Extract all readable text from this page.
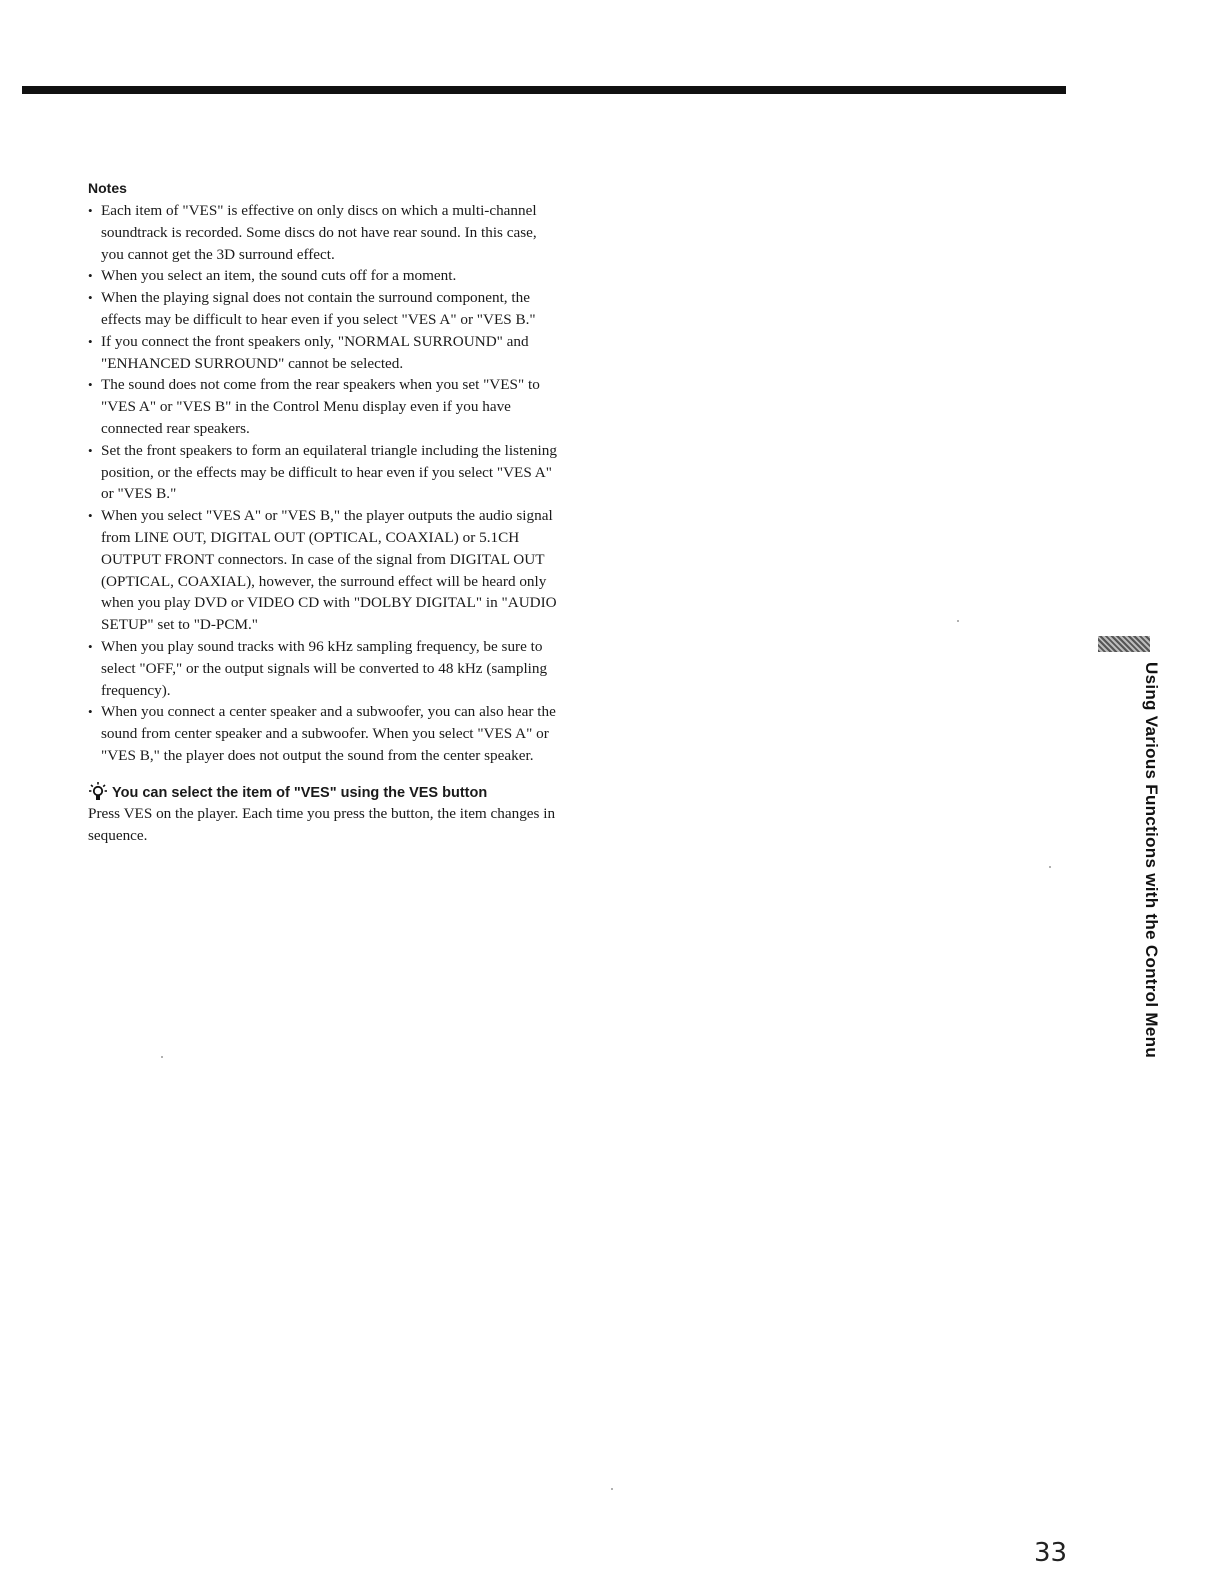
Notes
• Each item of "VES" is effective on only discs on which a multi-channel soundtrack is recorded. Some discs do not have rear sound. In this case, you cannot get the 3D surround effect.
• When you select an item, the sound cuts off for a moment.
• When the playing signal does not contain the surround component, the effects may be difficult to hear even if you select "VES A" or "VES B."
• If you connect the front speakers only, "NORMAL SURROUND" and "ENHANCED SURROUND" cannot be selected.
• The sound does not come from the rear speakers when you set "VES" to "VES A" or "VES B" in the Control Menu display even if you have connected rear speakers.
• Set the front speakers to form an equilateral triangle including the listening position, or the effects may be difficult to hear even if you select "VES A" or "VES B."
• When you select "VES A" or "VES B," the player outputs the audio signal from LINE OUT, DIGITAL OUT (OPTICAL, COAXIAL) or 5.1CH OUTPUT FRONT connectors. In case of the signal from DIGITAL OUT (OPTICAL, COAXIAL), however, the surround effect will be heard only when you play DVD or VIDEO CD with "DOLBY DIGITAL" in "AUDIO SETUP" set to "D-PCM."
• When you play sound tracks with 96 kHz sampling frequency, be sure to select "OFF," or the output signals will be converted to 48 kHz (sampling frequency).
• When you connect a center speaker and a subwoofer, you can also hear the sound from center speaker and a subwoofer. When you select "VES A" or "VES B," the player does not output the sound from the center speaker.
You can select the item of "VES" using the VES button

Press VES on the player. Each time you press the button, the item changes in sequence.	Using Various Functions with the Control Menu
33
